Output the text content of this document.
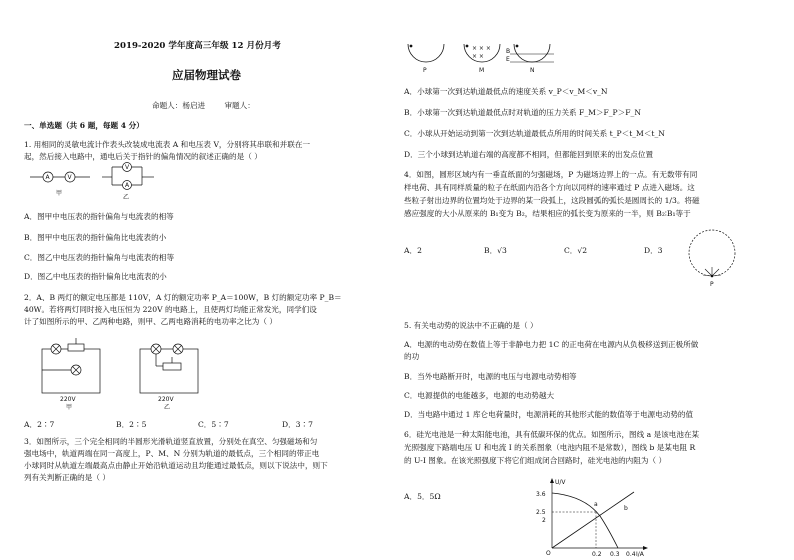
2019-2020 学年度高三年级 12 月份月考
应届物理试卷
命题人：杨启进        审题人：
一、单选题（共 6 题，每题 4 分）
1. 用相同的灵敏电流计作表头改装成电流表 A 和电压表 V，分别将其串联和并联在一
起，然后接入电路中，通电后关于指针的偏角情况的叙述正确的是（ ）
A	V
甲
V
A
乙
A．图甲中电压表的指针偏角与电流表的相等
B．图甲中电压表的指针偏角比电流表的小
C．图乙中电压表的指针偏角与电流表的相等
D．图乙中电压表的指针偏角比电流表的小
2．A、B 两灯的额定电压都是 110V，A 灯的额定功率 P_A＝100W，B 灯的额定功率 P_B＝
40W。若将两灯同时接入电压恒为 220V 的电路上，且使两灯均能正常发光，同学们设
计了如图所示的甲、乙两种电路，则甲、乙两电路消耗的电功率之比为（ ）
220V
甲
220V
乙
A．2∶7	B．2∶5	C．5∶7	D．3∶7
3．如图所示，三个完全相同的半圆形光滑轨道竖直放置，分别处在真空、匀强磁场和匀
强电场中，轨道两端在同一高度上，P、M、N 分别为轨道的最低点，三个相同的带正电
小球同时从轨道左端最高点由静止开始沿轨道运动且均能通过最低点，则以下说法中，则下
列有关判断正确的是（ ）
P
× × ×
× ×
M
B
E
N
A．小球第一次到达轨道最低点的速度关系 v_P＜v_M＜v_N
B．小球第一次到达轨道最低点时对轨道的压力关系 F_M＞F_P＞F_N
C．小球从开始运动到第一次到达轨道最低点所用的时间关系 t_P＜t_M＜t_N
D．三个小球到达轨道右端的高度都不相同，但都能回到原来的出发点位置
4．如图，圆形区域内有一垂直纸面的匀强磁场，P 为磁场边界上的一点。有无数带有同
样电荷、具有同样质量的粒子在纸面内沿各个方向以同样的速率通过 P 点进入磁场。这
些粒子射出边界的位置均处于边界的某一段弧上，这段圆弧的弧长是圆周长的 1/3。将磁
感应强度的大小从原来的 B₁变为 B₂，结果相应的弧长变为原来的一半，则 B₂∶B₁等于
A．2	B．√3	C．√2	D．3
P
5. 有关电动势的说法中不正确的是（ ）
A．电源的电动势在数值上等于非静电力把 1C 的正电荷在电源内从负极移送到正极所做
的功
B．当外电路断开时，电源的电压与电源电动势相等
C．电源提供的电能越多，电源的电动势越大
D．当电路中通过 1 库仑电荷量时，电源消耗的其他形式能的数值等于电源电动势的值
6．硅光电池是一种太阳能电池，具有低碳环保的优点。如图所示，图线 a 是该电池在某
光照强度下路端电压 U 和电流 I 的关系图象（电池内阻不是常数），图线 b 是某电阻 R
的 U-I 图象。在该光照强度下将它们组成闭合回路时，硅光电池的内阻为（ ）
A．5．5Ω
U/V
I/A
O
3.6
2.5
2
0.2 0.3 0.4
a
b
